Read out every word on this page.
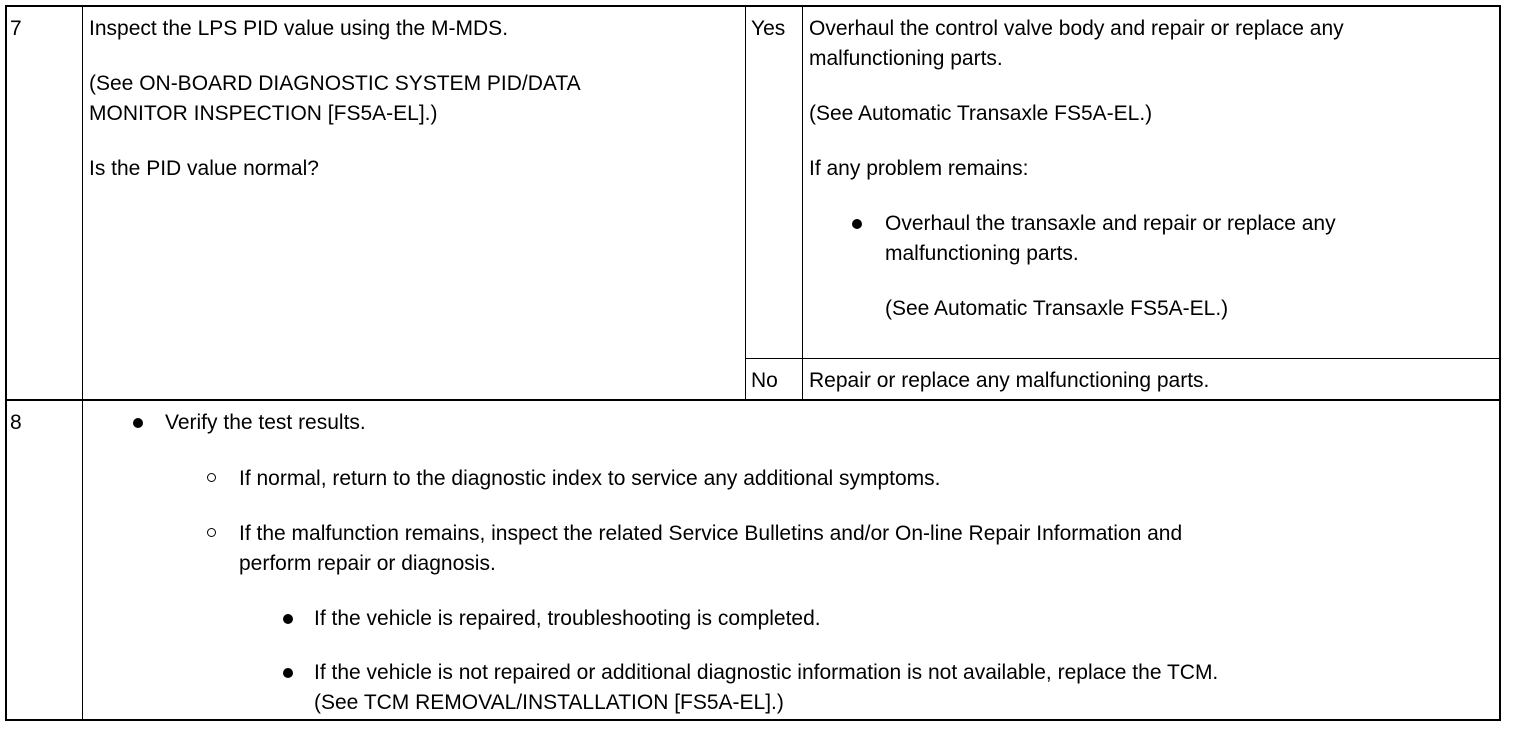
7	Inspect the LPS PID value using the M-MDS.
(See ON-BOARD DIAGNOSTIC SYSTEM PID/DATA
MONITOR INSPECTION [FS5A-EL].)
Is the PID value normal?
Yes Overhaul the control valve body and repair or replace any
malfunctioning parts.
(See Automatic Transaxle FS5A-EL.)
If any problem remains:
Overhaul the transaxle and repair or replace any
malfunctioning parts.
(See Automatic Transaxle FS5A-EL.)
No Repair or replace any malfunctioning parts.
8	Verify the test results.
If normal, return to the diagnostic index to service any additional symptoms.
If the malfunction remains, inspect the related Service Bulletins and/or On-line Repair Information and
perform repair or diagnosis.
If the vehicle is repaired, troubleshooting is completed.
If the vehicle is not repaired or additional diagnostic information is not available, replace the TCM.
(See TCM REMOVAL/INSTALLATION [FS5A-EL].)
